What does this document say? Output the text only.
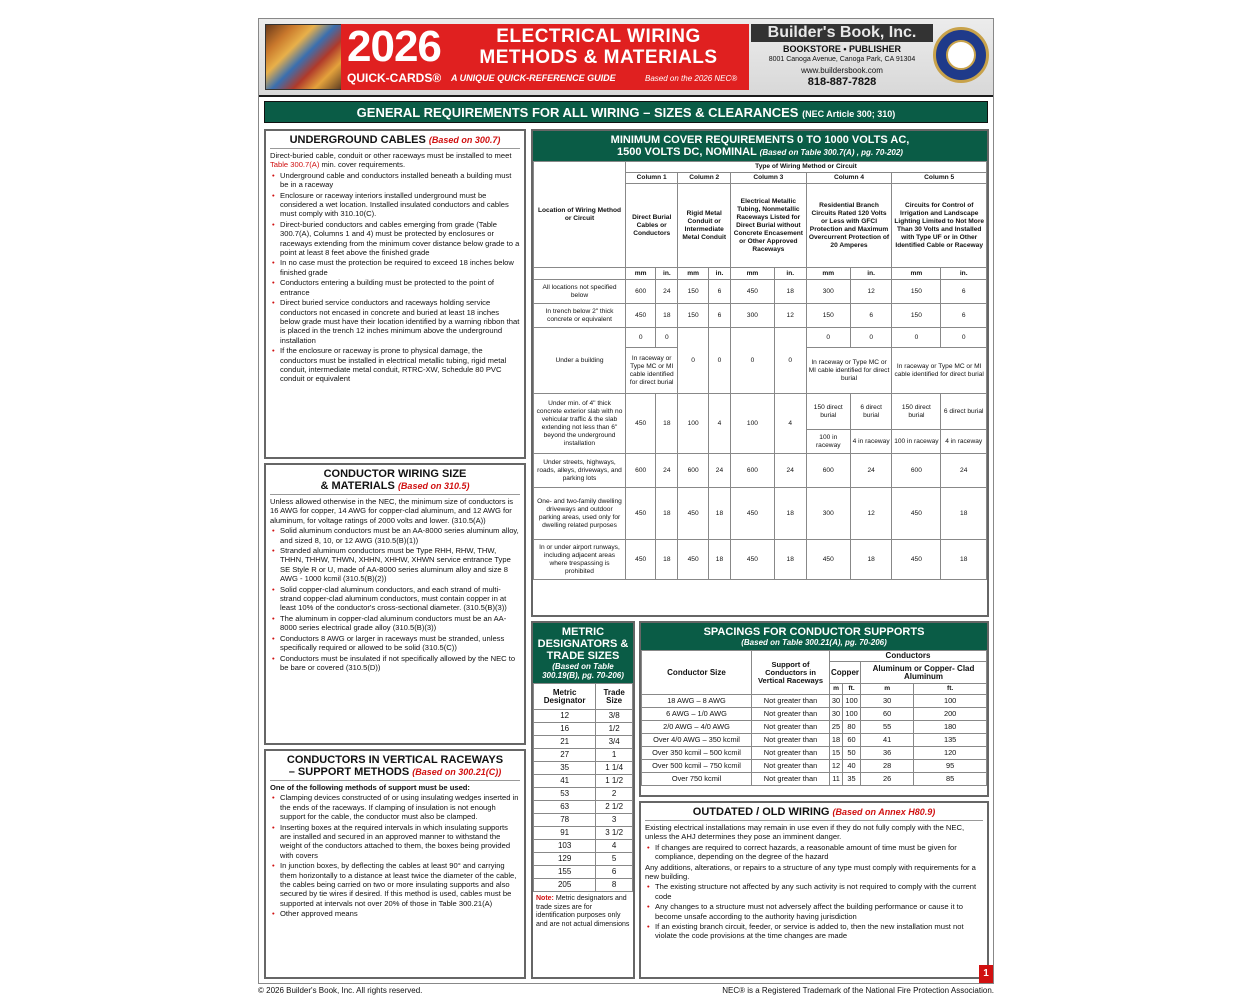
2026
QUICK-CARDS®
ELECTRICAL WIRING
METHODS & MATERIALS
A UNIQUE QUICK-REFERENCE GUIDE	Based on the 2026 NEC®
Builder's Book, Inc.
BOOKSTORE • PUBLISHER
8001 Canoga Avenue, Canoga Park, CA 91304
www.buildersbook.com
818-887-7828
GENERAL REQUIREMENTS FOR ALL WIRING – SIZES & CLEARANCES (NEC Article 300; 310)
UNDERGROUND CABLES (Based on 300.7)
Direct-buried cable, conduit or other raceways must be installed to meet Table 300.7(A) min. cover requirements.
• Underground cable and conductors installed beneath a building must be in a raceway
• Enclosure or raceway interiors installed underground must be considered a wet location. Installed insulated conductors and cables must comply with 310.10(C).
• Direct-buried conductors and cables emerging from grade (Table 300.7(A), Columns 1 and 4) must be protected by enclosures or raceways extending from the minimum cover distance below grade to a point at least 8 feet above the finished grade
• In no case must the protection be required to exceed 18 inches below finished grade
• Conductors entering a building must be protected to the point of entrance
• Direct buried service conductors and raceways holding service conductors not encased in concrete and buried at least 18 inches below grade must have their location identified by a warning ribbon that is placed in the trench 12 inches minimum above the underground installation
• If the enclosure or raceway is prone to physical damage, the conductors must be installed in electrical metallic tubing, rigid metal conduit, intermediate metal conduit, RTRC-XW, Schedule 80 PVC conduit or equivalent
CONDUCTOR WIRING SIZE
& MATERIALS (Based on 310.5)
Unless allowed otherwise in the NEC, the minimum size of conductors is 16 AWG for copper, 14 AWG for copper-clad aluminum, and 12 AWG for aluminum, for voltage ratings of 2000 volts and lower. (310.5(A))
• Solid aluminum conductors must be an AA-8000 series aluminum alloy, and sized 8, 10, or 12 AWG (310.5(B)(1))
• Stranded aluminum conductors must be Type RHH, RHW, THW, THHN, THHW, THWN, XHHN, XHHW, XHWN service entrance Type SE Style R or U, made of AA-8000 series aluminum alloy and size 8 AWG - 1000 kcmil (310.5(B)(2))
• Solid copper-clad aluminum conductors, and each strand of multi-strand copper-clad aluminum conductors, must contain copper in at least 10% of the conductor's cross-sectional diameter. (310.5(B)(3))
• The aluminum in copper-clad aluminum conductors must be an AA-8000 series electrical grade alloy (310.5(B)(3))
• Conductors 8 AWG or larger in raceways must be stranded, unless specifically required or allowed to be solid (310.5(C))
• Conductors must be insulated if not specifically allowed by the NEC to be bare or covered (310.5(D))
CONDUCTORS IN VERTICAL RACEWAYS
– SUPPORT METHODS (Based on 300.21(C))
One of the following methods of support must be used:
• Clamping devices constructed of or using insulating wedges inserted in the ends of the raceways. If clamping of insulation is not enough support for the cable, the conductor must also be clamped.
• Inserting boxes at the required intervals in which insulating supports are installed and secured in an approved manner to withstand the weight of the conductors attached to them, the boxes being provided with covers
• In junction boxes, by deflecting the cables at least 90° and carrying them horizontally to a distance at least twice the diameter of the cable, the cables being carried on two or more insulating supports and also secured by tie wires if desired. If this method is used, cables must be supported at intervals not over 20% of those in Table 300.21(A)
• Other approved means
MINIMUM COVER REQUIREMENTS 0 TO 1000 VOLTS AC,
1500 VOLTS DC, NOMINAL (Based on Table 300.7(A) , pg. 70-202)
Location of Wiring Method or Circuit	Type of Wiring Method or Circuit									
	Column 1		Column 2		Column 3		Column 4		Column 5	
	Direct Burial Cables or Conductors		Rigid Metal Conduit or Intermediate Metal Conduit		Electrical Metallic Tubing, Nonmetallic Raceways Listed for Direct Burial without Concrete Encasement or Other Approved Raceways		Residential Branch Circuits Rated 120 Volts or Less with GFCI Protection and Maximum Overcurrent Protection of 20 Amperes		Circuits for Control of Irrigation and Landscape Lighting Limited to Not More Than 30 Volts and Installed with Type UF or in Other Identified Cable or Raceway	
	mm	in.	mm	in.	mm	in.	mm	in.	mm	in.
All locations not specified below	600	24	150	6	450	18	300	12	150	6
In trench below 2" thick concrete or equivalent	450	18	150	6	300	12	150	6	150	6
Under a building	0	0	0	0	0	0	0	0	0	0
	In raceway or Type MC or MI cable identified for direct burial						In raceway or Type MC or MI cable identified for direct burial		In raceway or Type MC or MI cable identified for direct burial	
Under min. of 4" thick concrete exterior slab with no vehicular traffic & the slab extending not less than 6" beyond the underground installation	450	18	100	4	100	4	150 direct burial	6 direct burial	150 direct burial	6 direct burial
							100 in raceway	4 in raceway	100 in raceway	4 in raceway
Under streets, highways, roads, alleys, driveways, and parking lots	600	24	600	24	600	24	600	24	600	24
One- and two-family dwelling driveways and outdoor parking areas, used only for dwelling related purposes	450	18	450	18	450	18	300	12	450	18
In or under airport runways, including adjacent areas where trespassing is prohibited	450	18	450	18	450	18	450	18	450	18
METRIC DESIGNATORS & TRADE SIZES
(Based on Table 300.19(B), pg. 70-206)
Metric Designator	Trade Size
12	3/8
16	1/2
21	3/4
27	1
35	1 1/4
41	1 1/2
53	2
63	2 1/2
78	3
91	3 1/2
103	4
129	5
155	6
205	8
Note: Metric designators and trade sizes are for identification purposes only and are not actual dimensions
SPACINGS FOR CONDUCTOR SUPPORTS
(Based on Table 300.21(A), pg. 70-206)
Conductor Size	Support of Conductors in Vertical Raceways	Conductors			
		Copper		Aluminum or Copper- Clad Aluminum	
		m	ft.	m	ft.
18 AWG – 8 AWG	Not greater than	30	100	30	100
6 AWG – 1/0 AWG	Not greater than	30	100	60	200
2/0 AWG – 4/0 AWG	Not greater than	25	80	55	180
Over 4/0 AWG – 350 kcmil	Not greater than	18	60	41	135
Over 350 kcmil – 500 kcmil	Not greater than	15	50	36	120
Over 500 kcmil – 750 kcmil	Not greater than	12	40	28	95
Over 750 kcmil	Not greater than	11	35	26	85
OUTDATED / OLD WIRING (Based on Annex H80.9)
Existing electrical installations may remain in use even if they do not fully comply with the NEC, unless the AHJ determines they pose an imminent danger.
• If changes are required to correct hazards, a reasonable amount of time must be given for compliance, depending on the degree of the hazard
Any additions, alterations, or repairs to a structure of any type must comply with requirements for a new building.
• The existing structure not affected by any such activity is not required to comply with the current code
• Any changes to a structure must not adversely affect the building performance or cause it to become unsafe according to the authority having jurisdiction
• If an existing branch circuit, feeder, or service is added to, then the new installation must not violate the code provisions at the time changes are made
1
© 2026 Builder's Book, Inc. All rights reserved.	NEC® is a Registered Trademark of the National Fire Protection Association.
